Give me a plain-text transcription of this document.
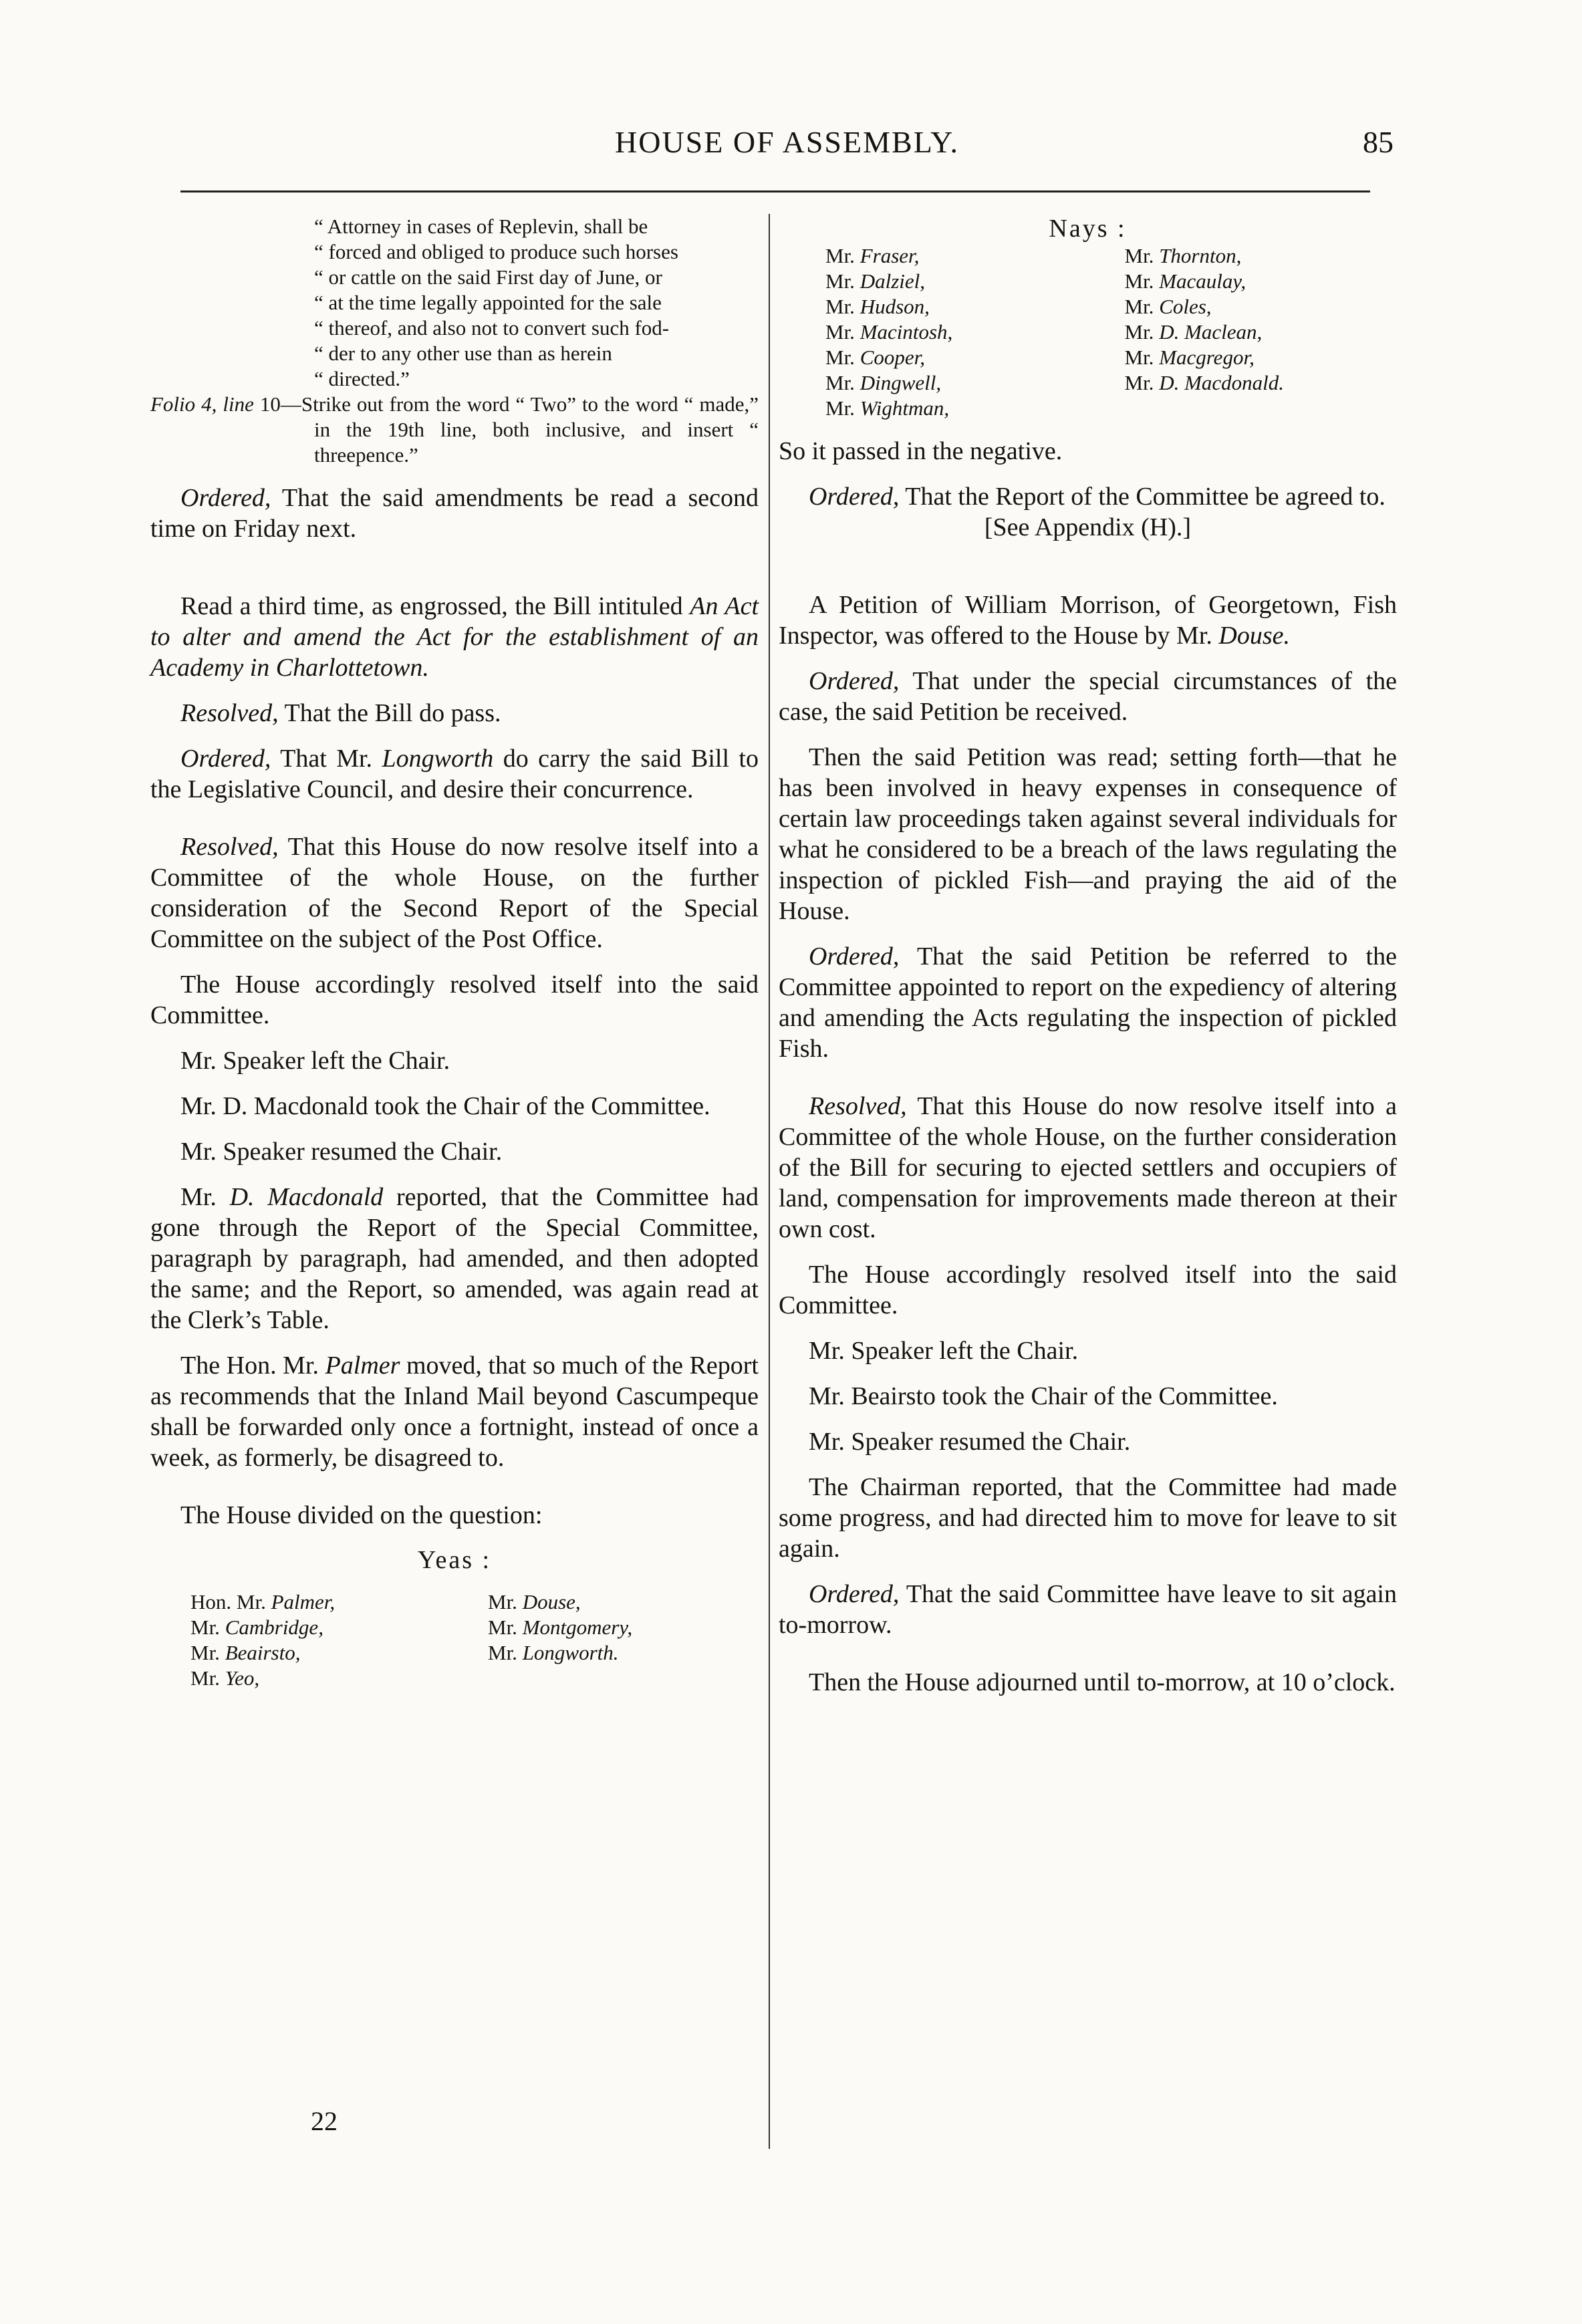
HOUSE OF ASSEMBLY.	85

“ Attorney in cases of Replevin, shall be

“ forced and obliged to produce such horses

“ or cattle on the said First day of June, or

“ at the time legally appointed for the sale

“ thereof, and also not to convert such fod-

“ der to any other use than as herein

“ directed.”

Folio 4, line 10—Strike out from the word “ Two” to the word “ made,” in the 19th line, both inclusive, and insert “ threepence.”

Ordered, That the said amendments be read a second time on Friday next.

Read a third time, as engrossed, the Bill intituled An Act to alter and amend the Act for the establishment of an Academy in Charlottetown.

Resolved, That the Bill do pass.

Ordered, That Mr. Longworth do carry the said Bill to the Legislative Council, and desire their concurrence.

Resolved, That this House do now resolve itself into a Committee of the whole House, on the further consideration of the Second Report of the Special Committee on the subject of the Post Office.

The House accordingly resolved itself into the said Committee.

Mr. Speaker left the Chair.

Mr. D. Macdonald took the Chair of the Committee.

Mr. Speaker resumed the Chair.

Mr. D. Macdonald reported, that the Committee had gone through the Report of the Special Committee, paragraph by paragraph, had amended, and then adopted the same; and the Report, so amended, was again read at the Clerk’s Table.

The Hon. Mr. Palmer moved, that so much of the Report as recommends that the Inland Mail beyond Cascumpeque shall be forwarded only once a fortnight, instead of once a week, as formerly, be disagreed to.

The House divided on the question:

Yeas :
Hon. Mr. Palmer,	Mr. Douse,
Mr. Cambridge,	Mr. Montgomery,
Mr. Beairsto,	Mr. Longworth.
Mr. Yeo,
22
Nays :
Mr. Fraser,	Mr. Thornton,
Mr. Dalziel,	Mr. Macaulay,
Mr. Hudson,	Mr. Coles,
Mr. Macintosh,	Mr. D. Maclean,
Mr. Cooper,	Mr. Macgregor,
Mr. Dingwell,	Mr. D. Macdonald.
Mr. Wightman,

So it passed in the negative.

Ordered, That the Report of the Committee be agreed to.

[See Appendix (H).]

A Petition of William Morrison, of Georgetown, Fish Inspector, was offered to the House by Mr. Douse.

Ordered, That under the special circumstances of the case, the said Petition be received.

Then the said Petition was read; setting forth—that he has been involved in heavy expenses in consequence of certain law proceedings taken against several individuals for what he considered to be a breach of the laws regulating the inspection of pickled Fish—and praying the aid of the House.

Ordered, That the said Petition be referred to the Committee appointed to report on the expediency of altering and amending the Acts regulating the inspection of pickled Fish.

Resolved, That this House do now resolve itself into a Committee of the whole House, on the further consideration of the Bill for securing to ejected settlers and occupiers of land, compensation for improvements made thereon at their own cost.

The House accordingly resolved itself into the said Committee.

Mr. Speaker left the Chair.

Mr. Beairsto took the Chair of the Committee.

Mr. Speaker resumed the Chair.

The Chairman reported, that the Committee had made some progress, and had directed him to move for leave to sit again.

Ordered, That the said Committee have leave to sit again to-morrow.

Then the House adjourned until to-morrow, at 10 o’clock.
